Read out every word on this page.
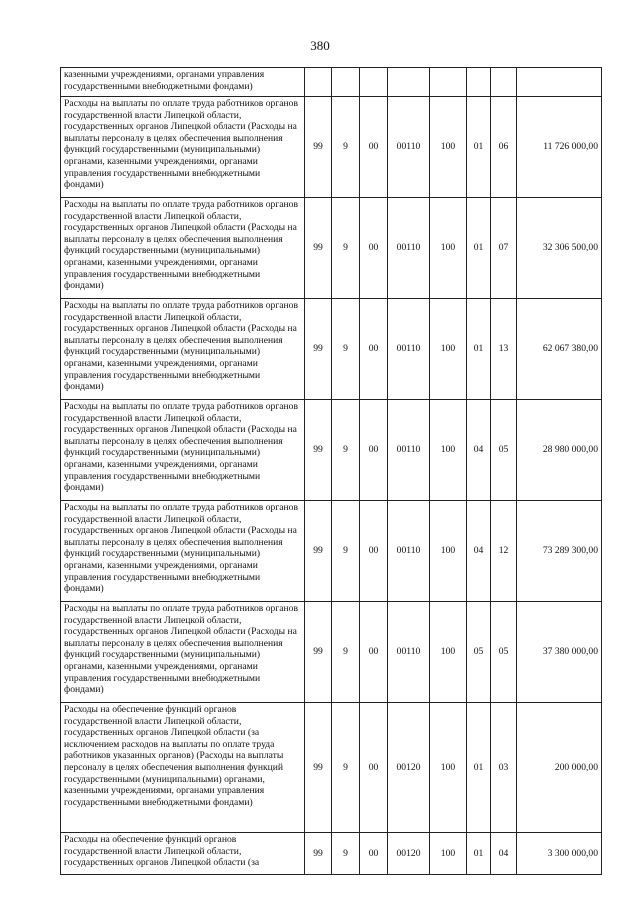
380
казенными учреждениями, органами управления государственными внебюджетными фондами)								
Расходы на выплаты по оплате труда работников органов государственной власти Липецкой области, государственных органов Липецкой области (Расходы на выплаты персоналу в целях обеспечения выполнения функций государственными (муниципальными) органами, казенными учреждениями, органами управления государственными внебюджетными фондами)	99	9	00	00110	100	01	06	11 726 000,00
Расходы на выплаты по оплате труда работников органов государственной власти Липецкой области, государственных органов Липецкой области (Расходы на выплаты персоналу в целях обеспечения выполнения функций государственными (муниципальными) органами, казенными учреждениями, органами управления государственными внебюджетными фондами)	99	9	00	00110	100	01	07	32 306 500,00
Расходы на выплаты по оплате труда работников органов государственной власти Липецкой области, государственных органов Липецкой области (Расходы на выплаты персоналу в целях обеспечения выполнения функций государственными (муниципальными) органами, казенными учреждениями, органами управления государственными внебюджетными фондами)	99	9	00	00110	100	01	13	62 067 380,00
Расходы на выплаты по оплате труда работников органов государственной власти Липецкой области, государственных органов Липецкой области (Расходы на выплаты персоналу в целях обеспечения выполнения функций государственными (муниципальными) органами, казенными учреждениями, органами управления государственными внебюджетными фондами)	99	9	00	00110	100	04	05	28 980 000,00
Расходы на выплаты по оплате труда работников органов государственной власти Липецкой области, государственных органов Липецкой области (Расходы на выплаты персоналу в целях обеспечения выполнения функций государственными (муниципальными) органами, казенными учреждениями, органами управления государственными внебюджетными фондами)	99	9	00	00110	100	04	12	73 289 300,00
Расходы на выплаты по оплате труда работников органов государственной власти Липецкой области, государственных органов Липецкой области (Расходы на выплаты персоналу в целях обеспечения выполнения функций государственными (муниципальными) органами, казенными учреждениями, органами управления государственными внебюджетными фондами)	99	9	00	00110	100	05	05	37 380 000,00
Расходы на обеспечение функций органов государственной власти Липецкой области, государственных органов Липецкой области (за исключением расходов на выплаты по оплате труда работников указанных органов) (Расходы на выплаты персоналу в целях обеспечения выполнения функций государственными (муниципальными) органами, казенными учреждениями, органами управления государственными внебюджетными фондами)	99	9	00	00120	100	01	03	200 000,00
Расходы на обеспечение функций органов государственной власти Липецкой области, государственных органов Липецкой области (за	99	9	00	00120	100	01	04	3 300 000,00
